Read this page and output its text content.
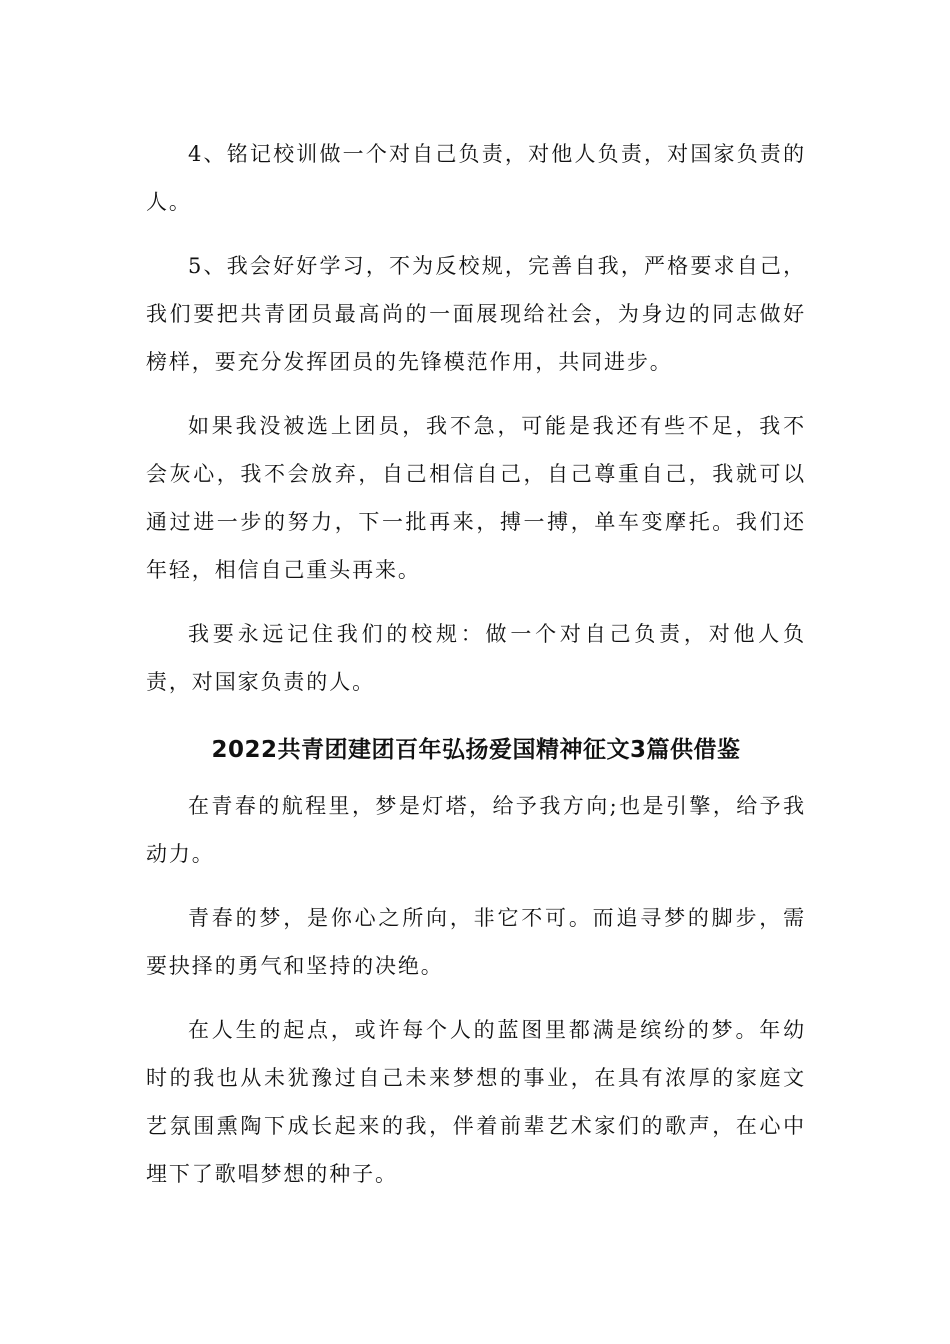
4、铭记校训做一个对自己负责，对他人负责，对国家负责的人。

5、我会好好学习，不为反校规，完善自我，严格要求自己，我们要把共青团员最高尚的一面展现给社会，为身边的同志做好榜样，要充分发挥团员的先锋模范作用，共同进步。

如果我没被选上团员，我不急，可能是我还有些不足，我不会灰心，我不会放弃，自己相信自己，自己尊重自己，我就可以通过进一步的努力，下一批再来，搏一搏，单车变摩托。我们还年轻，相信自己重头再来。

我要永远记住我们的校规：做一个对自己负责，对他人负责，对国家负责的人。

2022共青团建团百年弘扬爱国精神征文3篇供借鉴

在青春的航程里，梦是灯塔，给予我方向;也是引擎，给予我动力。

青春的梦，是你心之所向，非它不可。而追寻梦的脚步，需要抉择的勇气和坚持的决绝。

在人生的起点，或许每个人的蓝图里都满是缤纷的梦。年幼时的我也从未犹豫过自己未来梦想的事业，在具有浓厚的家庭文艺氛围熏陶下成长起来的我，伴着前辈艺术家们的歌声，在心中埋下了歌唱梦想的种子。
